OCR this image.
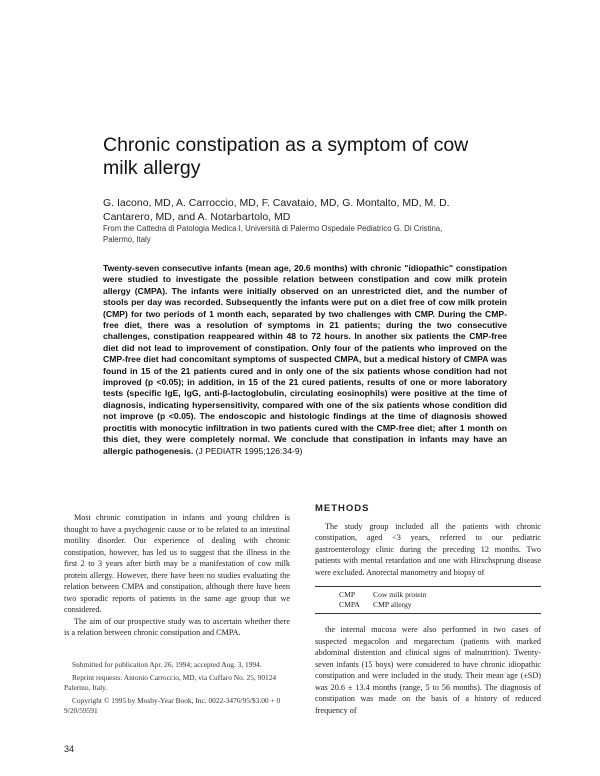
Chronic constipation as a symptom of cow milk allergy
G. Iacono, MD, A. Carroccio, MD, F. Cavataio, MD, G. Montalto, MD, M. D. Cantarero, MD, and A. Notarbartolo, MD
From the Cattedra di Patologia Medica I, Università di Palermo Ospedale Pediatrico G. Di Cristina, Palermo, Italy
Twenty-seven consecutive infants (mean age, 20.6 months) with chronic "idiopathic" constipation were studied to investigate the possible relation between constipation and cow milk protein allergy (CMPA). The infants were initially observed on an unrestricted diet, and the number of stools per day was recorded. Subsequently the infants were put on a diet free of cow milk protein (CMP) for two periods of 1 month each, separated by two challenges with CMP. During the CMP-free diet, there was a resolution of symptoms in 21 patients; during the two consecutive challenges, constipation reappeared within 48 to 72 hours. In another six patients the CMP-free diet did not lead to improvement of constipation. Only four of the patients who improved on the CMP-free diet had concomitant symptoms of suspected CMPA, but a medical history of CMPA was found in 15 of the 21 patients cured and in only one of the six patients whose condition had not improved (p <0.05); in addition, in 15 of the 21 cured patients, results of one or more laboratory tests (specific IgE, IgG, anti-β-lactoglobulin, circulating eosinophils) were positive at the time of diagnosis, indicating hypersensitivity, compared with one of the six patients whose condition did not improve (p <0.05). The endoscopic and histologic findings at the time of diagnosis showed proctitis with monocytic infiltration in two patients cured with the CMP-free diet; after 1 month on this diet, they were completely normal. We conclude that constipation in infants may have an allergic pathogenesis. (J PEDIATR 1995;126:34-9)

Most chronic constipation in infants and young children is thought to have a psychogenic cause or to be related to an intestinal motility disorder. Our experience of dealing with chronic constipation, however, has led us to suggest that the illness in the first 2 to 3 years after birth may be a manifestation of cow milk protein allergy. However, there have been no studies evaluating the relation between CMPA and constipation, although there have been two sporadic reports of patients in the same age group that we considered.

The aim of our prospective study was to ascertain whether there is a relation between chronic constipation and CMPA.

Submitted for publication Apr. 26, 1994; accepted Aug. 3, 1994.

Reprint requests: Antonio Carroccio, MD, via Cuffaro No. 25, 90124 Palermo, Italy.

Copyright © 1995 by Mosby-Year Book, Inc. 0022-3476/95/$3.00 + 0 9/20/59591

METHODS

The study group included all the patients with chronic constipation, aged <3 years, referred to our pediatric gastroenterology clinic during the preceding 12 months. Two patients with mental retardation and one with Hirschsprung disease were excluded. Anorectal manometry and biopsy of

CMP	Cow milk protein
CMPA	CMP allergy

the internal mucosa were also performed in two cases of suspected megacolon and megarectum (patients with marked abdominal distention and clinical signs of malnutrition). Twenty-seven infants (15 boys) were considered to have chronic idiopathic constipation and were included in the study. Their mean age (±SD) was 20.6 ± 13.4 months (range, 5 to 56 months). The diagnosis of constipation was made on the basis of a history of reduced frequency of

34
